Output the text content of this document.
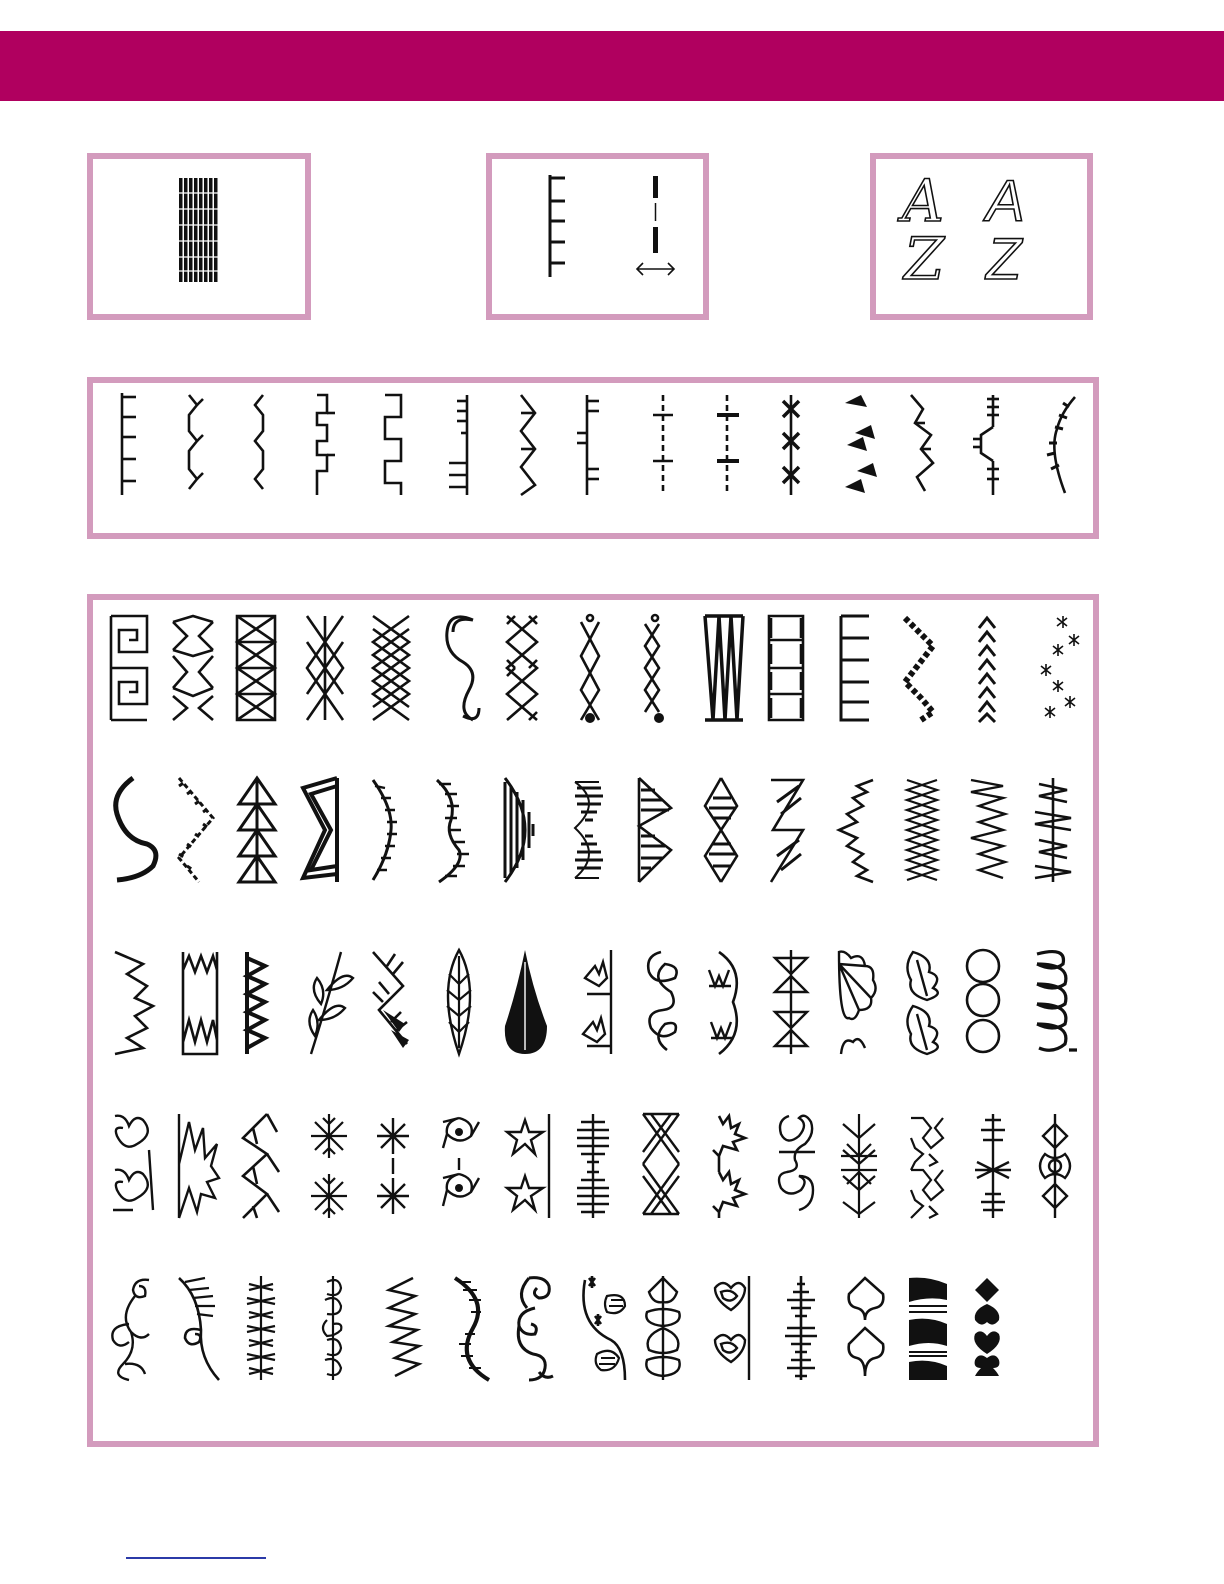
A
Z
A
Z
